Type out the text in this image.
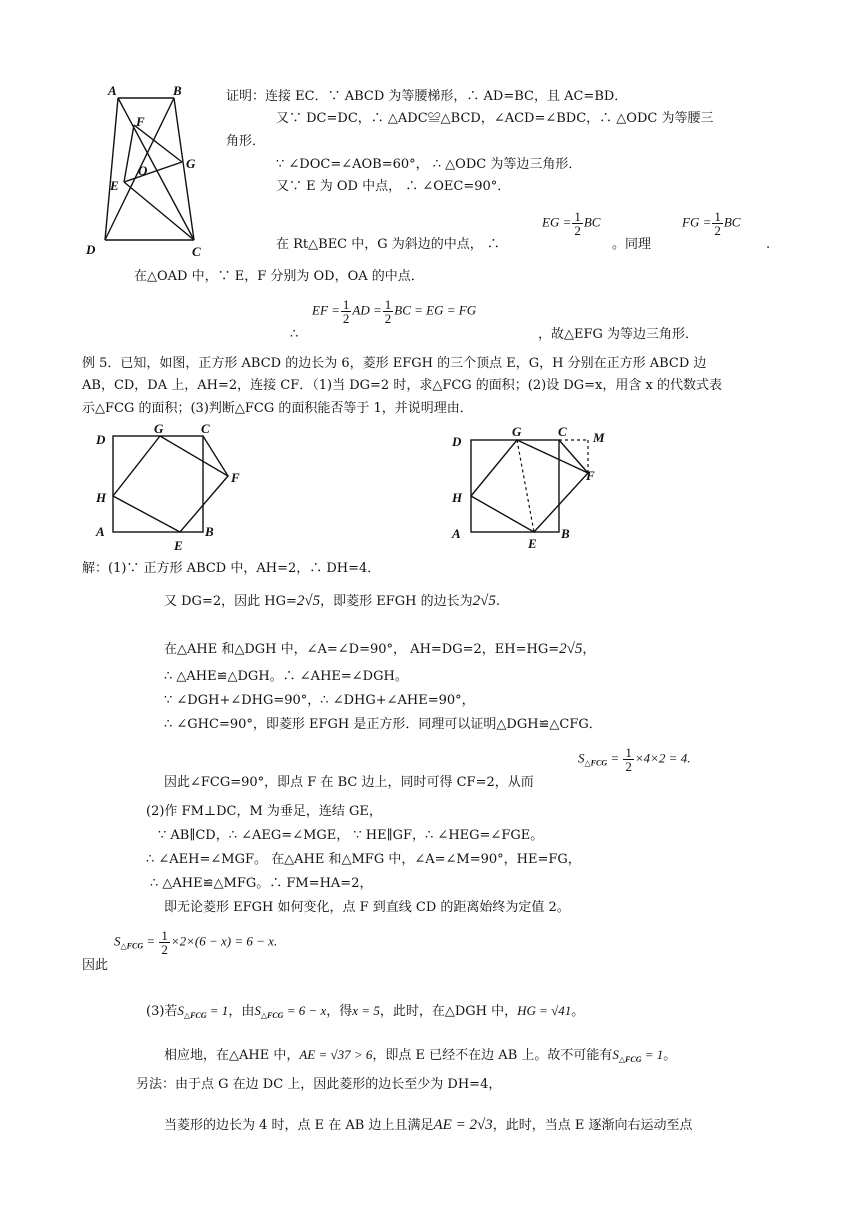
A	B
F
G
O
E
D	C
证明：连接 EC．∵ ABCD 为等腰梯形，∴ AD=BC，且 AC=BD．
又∵ DC=DC，∴ △ADC≌△BCD，∠ACD=∠BDC，∴ △ODC 为等腰三
角形．
∵ ∠DOC=∠AOB=60°， ∴ △ODC 为等边三角形．
又∵ E 为 OD 中点， ∴ ∠OEC=90°．
在 Rt△BEC 中，G 为斜边的中点， ∴
EG = $\frac{1}{2}$ BC
。同理
FG = $\frac{1}{2}$ BC
.
在△OAD 中，∵ E，F 分别为 OD，OA 的中点．
∴
EF = $\frac{1}{2}$ AD = $\frac{1}{2}$ BC = EG = FG
，故△EFG 为等边三角形．
例 5．已知，如图，正方形 ABCD 的边长为 6，菱形 EFGH 的三个顶点 E，G，H 分别在正方形 ABCD 边
AB，CD，DA 上，AH=2，连接 CF．（1)当 DG=2 时，求△FCG 的面积；(2)设 DG=x，用含 x 的代数式表
示△FCG 的面积；(3)判断△FCG 的面积能否等于 1，并说明理由．
D
G	C
F
H
A
E
B
D
G	C M
F
H
A
E
B
解：(1)∵ 正方形 ABCD 中，AH=2，∴ DH=4．
又 DG=2，因此 HG=2√5，即菱形 EFGH 的边长为2√5.
在△AHE 和△DGH 中，∠A=∠D=90°， AH=DG=2，EH=HG=2√5，
∴ △AHE≌△DGH。∴ ∠AHE=∠DGH。
∵ ∠DGH+∠DHG=90°，∴ ∠DHG+∠AHE=90°，
∴ ∠GHC=90°，即菱形 EFGH 是正方形．同理可以证明△DGH≌△CFG．
因此∠FCG=90°，即点 F 在 BC 边上，同时可得 CF=2，从而
$S_{\triangle FCG} = \frac{1}{2} \times 4\times 2 = 4$.
(2)作 FM⊥DC，M 为垂足，连结 GE，
∵ AB∥CD，∴ ∠AEG=∠MGE， ∵ HE∥GF，∴ ∠HEG=∠FGE。
∴ ∠AEH=∠MGF。 在△AHE 和△MFG 中，∠A=∠M=90°，HE=FG，
∴ △AHE≌△MFG。∴ FM=HA=2，
即无论菱形 EFGH 如何变化，点 F 到直线 CD 的距离始终为定值 2。
$S_{\triangle FCG} = \frac{1}{2} \times 2\times(6 - x) = 6 - x$.
因此
(3)若$S_{\triangle FCG} = 1$，由$S_{\triangle FCG} = 6 - x$，得x = 5，此时，在△DGH 中，HG = √41。
相应地，在△AHE 中，AE = √37 > 6，即点 E 已经不在边 AB 上。故不可能有$S_{\triangle FCG} = 1$。
另法：由于点 G 在边 DC 上，因此菱形的边长至少为 DH=4，
当菱形的边长为 4 时，点 E 在 AB 边上且满足AE = 2√3，此时，当点 E 逐渐向右运动至点
